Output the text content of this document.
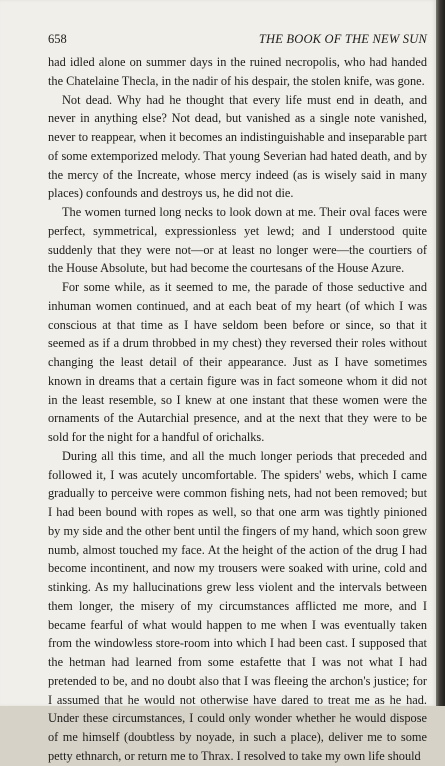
658	THE BOOK OF THE NEW SUN

had idled alone on summer days in the ruined necropolis, who had handed the Chatelaine Thecla, in the nadir of his despair, the stolen knife, was gone.

Not dead. Why had he thought that every life must end in death, and never in anything else? Not dead, but vanished as a single note vanished, never to reappear, when it becomes an indistinguishable and inseparable part of some extemporized melody. That young Severian had hated death, and by the mercy of the Increate, whose mercy indeed (as is wisely said in many places) confounds and destroys us, he did not die.

The women turned long necks to look down at me. Their oval faces were perfect, symmetrical, expressionless yet lewd; and I understood quite suddenly that they were not—or at least no longer were—the courtiers of the House Absolute, but had become the courtesans of the House Azure.

For some while, as it seemed to me, the parade of those seductive and inhuman women continued, and at each beat of my heart (of which I was conscious at that time as I have seldom been before or since, so that it seemed as if a drum throbbed in my chest) they reversed their roles without changing the least detail of their appearance. Just as I have sometimes known in dreams that a certain figure was in fact someone whom it did not in the least resemble, so I knew at one instant that these women were the ornaments of the Autarchial presence, and at the next that they were to be sold for the night for a handful of orichalks.

During all this time, and all the much longer periods that preceded and followed it, I was acutely uncomfortable. The spiders' webs, which I came gradually to perceive were common fishing nets, had not been removed; but I had been bound with ropes as well, so that one arm was tightly pinioned by my side and the other bent until the fingers of my hand, which soon grew numb, almost touched my face. At the height of the action of the drug I had become incontinent, and now my trousers were soaked with urine, cold and stinking. As my hallucinations grew less violent and the intervals between them longer, the misery of my circumstances afflicted me more, and I became fearful of what would happen to me when I was eventually taken from the windowless store-room into which I had been cast. I supposed that the hetman had learned from some estafette that I was not what I had pretended to be, and no doubt also that I was fleeing the archon's justice; for I assumed that he would not otherwise have dared to treat me as he had. Under these circumstances, I could only wonder whether he would dispose of me himself (doubtless by noyade, in such a place), deliver me to some petty ethnarch, or return me to Thrax. I resolved to take my own life should
